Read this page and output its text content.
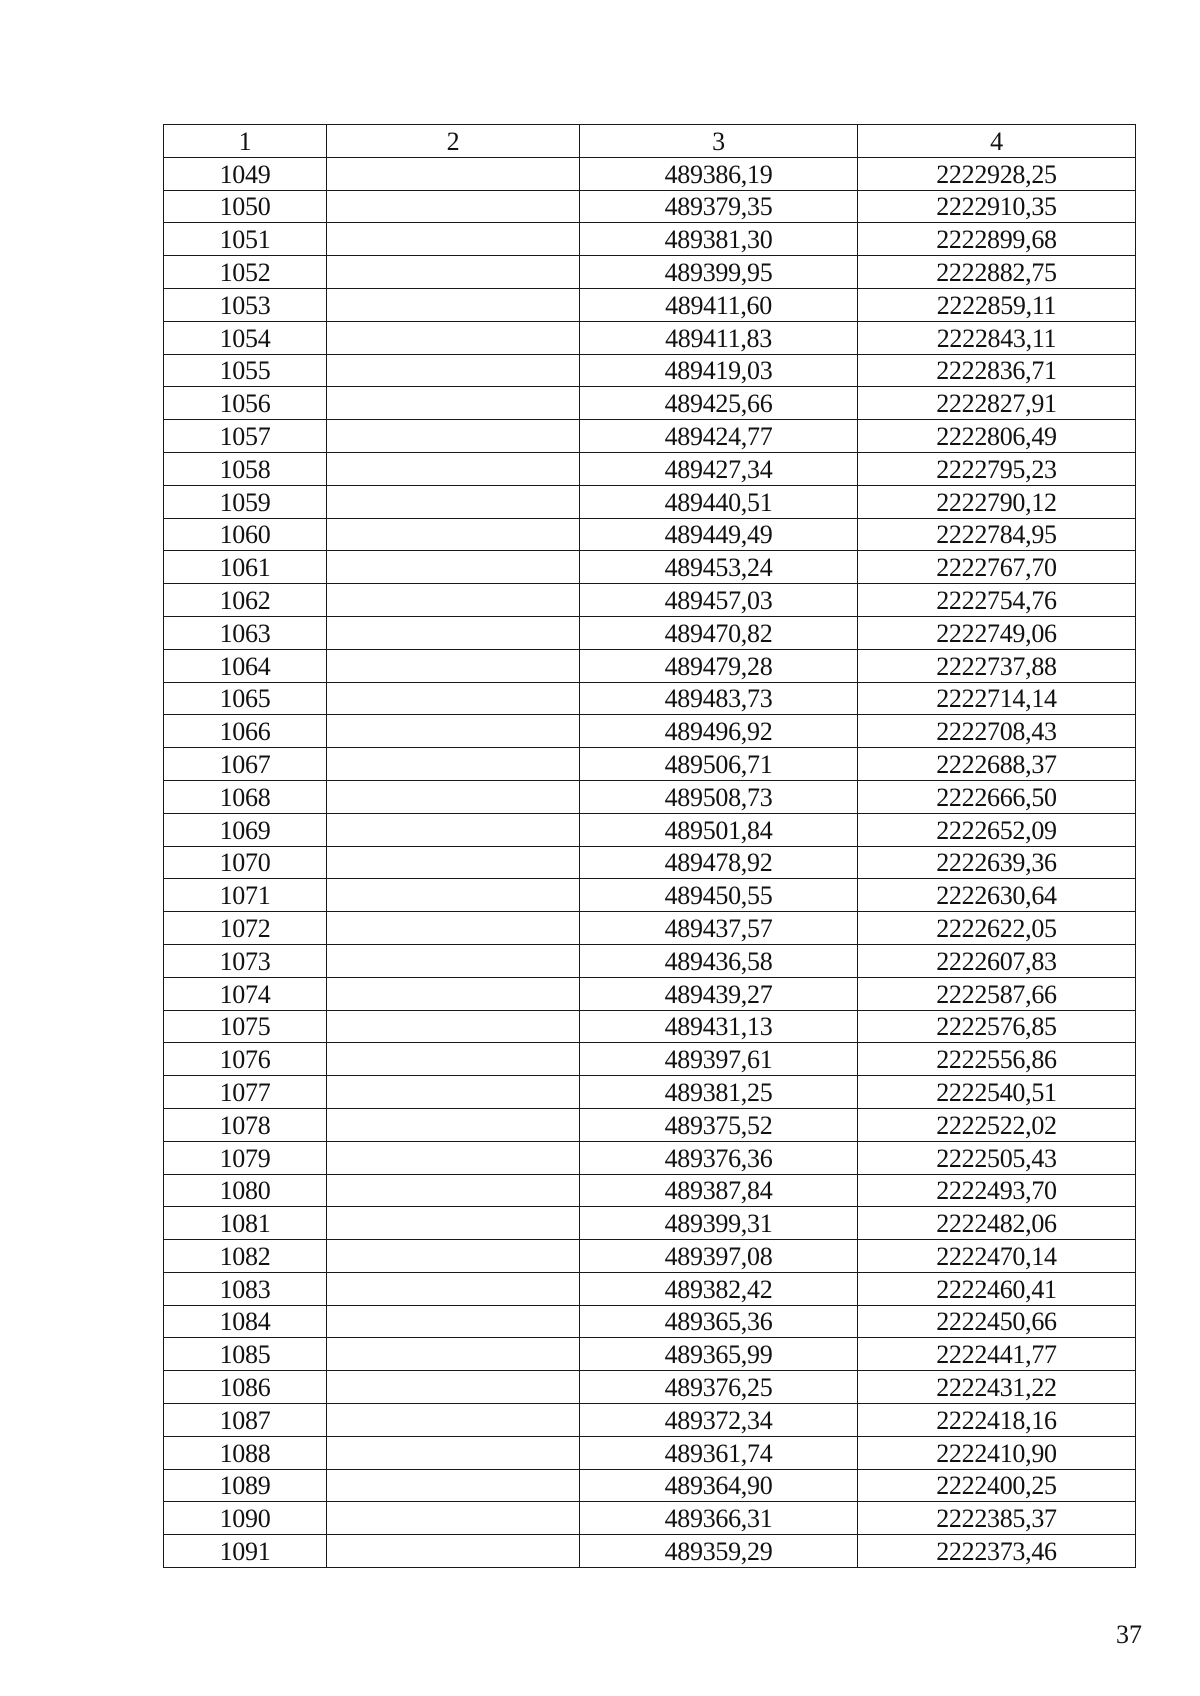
1	2	3	4
1049		489386,19	2222928,25
1050		489379,35	2222910,35
1051		489381,30	2222899,68
1052		489399,95	2222882,75
1053		489411,60	2222859,11
1054		489411,83	2222843,11
1055		489419,03	2222836,71
1056		489425,66	2222827,91
1057		489424,77	2222806,49
1058		489427,34	2222795,23
1059		489440,51	2222790,12
1060		489449,49	2222784,95
1061		489453,24	2222767,70
1062		489457,03	2222754,76
1063		489470,82	2222749,06
1064		489479,28	2222737,88
1065		489483,73	2222714,14
1066		489496,92	2222708,43
1067		489506,71	2222688,37
1068		489508,73	2222666,50
1069		489501,84	2222652,09
1070		489478,92	2222639,36
1071		489450,55	2222630,64
1072		489437,57	2222622,05
1073		489436,58	2222607,83
1074		489439,27	2222587,66
1075		489431,13	2222576,85
1076		489397,61	2222556,86
1077		489381,25	2222540,51
1078		489375,52	2222522,02
1079		489376,36	2222505,43
1080		489387,84	2222493,70
1081		489399,31	2222482,06
1082		489397,08	2222470,14
1083		489382,42	2222460,41
1084		489365,36	2222450,66
1085		489365,99	2222441,77
1086		489376,25	2222431,22
1087		489372,34	2222418,16
1088		489361,74	2222410,90
1089		489364,90	2222400,25
1090		489366,31	2222385,37
1091		489359,29	2222373,46
37
